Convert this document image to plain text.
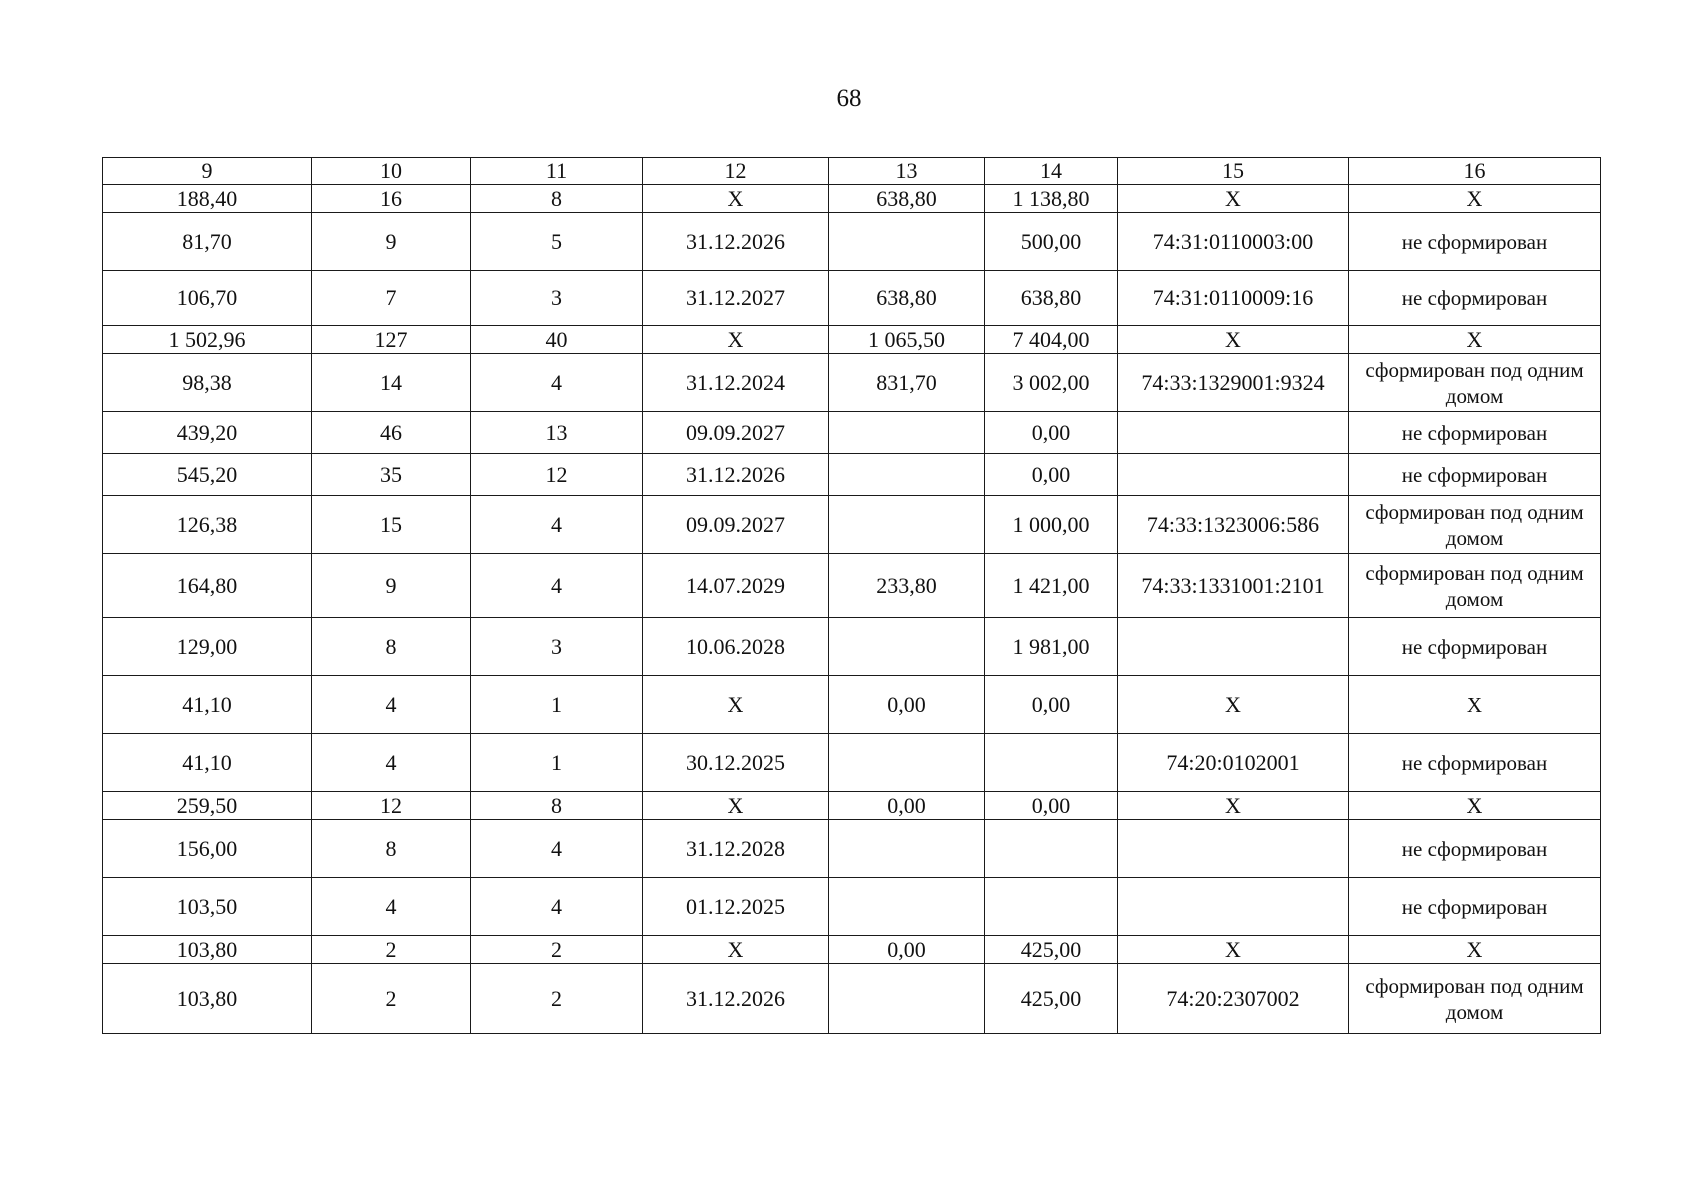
68
9	10	11	12	13	14	15	16
188,40	16	8	X	638,80	1 138,80	X	X
81,70	9	5	31.12.2026		500,00	74:31:0110003:00	не сформирован
106,70	7	3	31.12.2027	638,80	638,80	74:31:0110009:16	не сформирован
1 502,96	127	40	X	1 065,50	7 404,00	X	X
98,38	14	4	31.12.2024	831,70	3 002,00	74:33:1329001:9324	сформирован под одним домом
439,20	46	13	09.09.2027		0,00		не сформирован
545,20	35	12	31.12.2026		0,00		не сформирован
126,38	15	4	09.09.2027		1 000,00	74:33:1323006:586	сформирован под одним домом
164,80	9	4	14.07.2029	233,80	1 421,00	74:33:1331001:2101	сформирован под одним домом
129,00	8	3	10.06.2028		1 981,00		не сформирован
41,10	4	1	X	0,00	0,00	X	X
41,10	4	1	30.12.2025			74:20:0102001	не сформирован
259,50	12	8	X	0,00	0,00	X	X
156,00	8	4	31.12.2028				не сформирован
103,50	4	4	01.12.2025				не сформирован
103,80	2	2	X	0,00	425,00	X	X
103,80	2	2	31.12.2026		425,00	74:20:2307002	сформирован под одним домом
